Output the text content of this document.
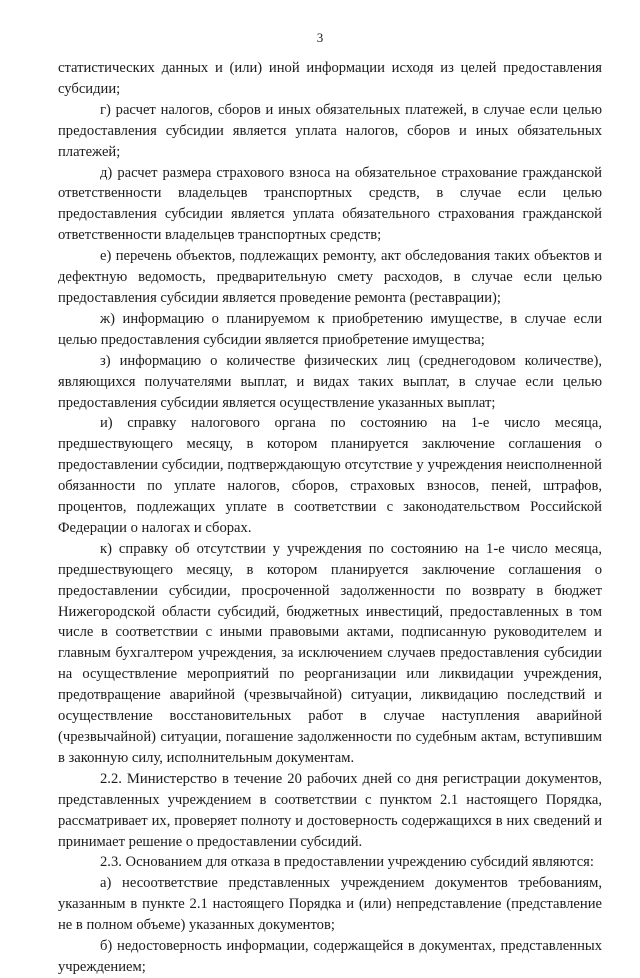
3

статистических данных и (или) иной информации исходя из целей предоставления субсидии;

г) расчет налогов, сборов и иных обязательных платежей, в случае если целью предоставления субсидии является уплата налогов, сборов и иных обязательных платежей;

д) расчет размера страхового взноса на обязательное страхование гражданской ответственности владельцев транспортных средств, в случае если целью предоставления субсидии является уплата обязательного страхования гражданской ответственности владельцев транспортных средств;

е) перечень объектов, подлежащих ремонту, акт обследования таких объектов и дефектную ведомость, предварительную смету расходов, в случае если целью предоставления субсидии является проведение ремонта (реставрации);

ж) информацию о планируемом к приобретению имуществе, в случае если целью предоставления субсидии является приобретение имущества;

з) информацию о количестве физических лиц (среднегодовом количестве), являющихся получателями выплат, и видах таких выплат, в случае если целью предоставления субсидии является осуществление указанных выплат;

и) справку налогового органа по состоянию на 1-е число месяца, предшествующего месяцу, в котором планируется заключение соглашения о предоставлении субсидии, подтверждающую отсутствие у учреждения неисполненной обязанности по уплате налогов, сборов, страховых взносов, пеней, штрафов, процентов, подлежащих уплате в соответствии с законодательством Российской Федерации о налогах и сборах.

к) справку об отсутствии у учреждения по состоянию на 1-е число месяца, предшествующего месяцу, в котором планируется заключение соглашения о предоставлении субсидии, просроченной задолженности по возврату в бюджет Нижегородской области субсидий, бюджетных инвестиций, предоставленных в том числе в соответствии с иными правовыми актами, подписанную руководителем и главным бухгалтером учреждения, за исключением случаев предоставления субсидии на осуществление мероприятий по реорганизации или ликвидации учреждения, предотвращение аварийной (чрезвычайной) ситуации, ликвидацию последствий и осуществление восстановительных работ в случае наступления аварийной (чрезвычайной) ситуации, погашение задолженности по судебным актам, вступившим в законную силу, исполнительным документам.

2.2. Министерство в течение 20 рабочих дней со дня регистрации документов, представленных учреждением в соответствии с пунктом 2.1 настоящего Порядка, рассматривает их, проверяет полноту и достоверность содержащихся в них сведений и принимает решение о предоставлении субсидий.

2.3. Основанием для отказа в предоставлении учреждению субсидий являются:

а) несоответствие представленных учреждением документов требованиям, указанным в пункте 2.1 настоящего Порядка и (или) непредставление (представление не в полном объеме) указанных документов;

б) недостоверность информации, содержащейся в документах, представленных учреждением;
